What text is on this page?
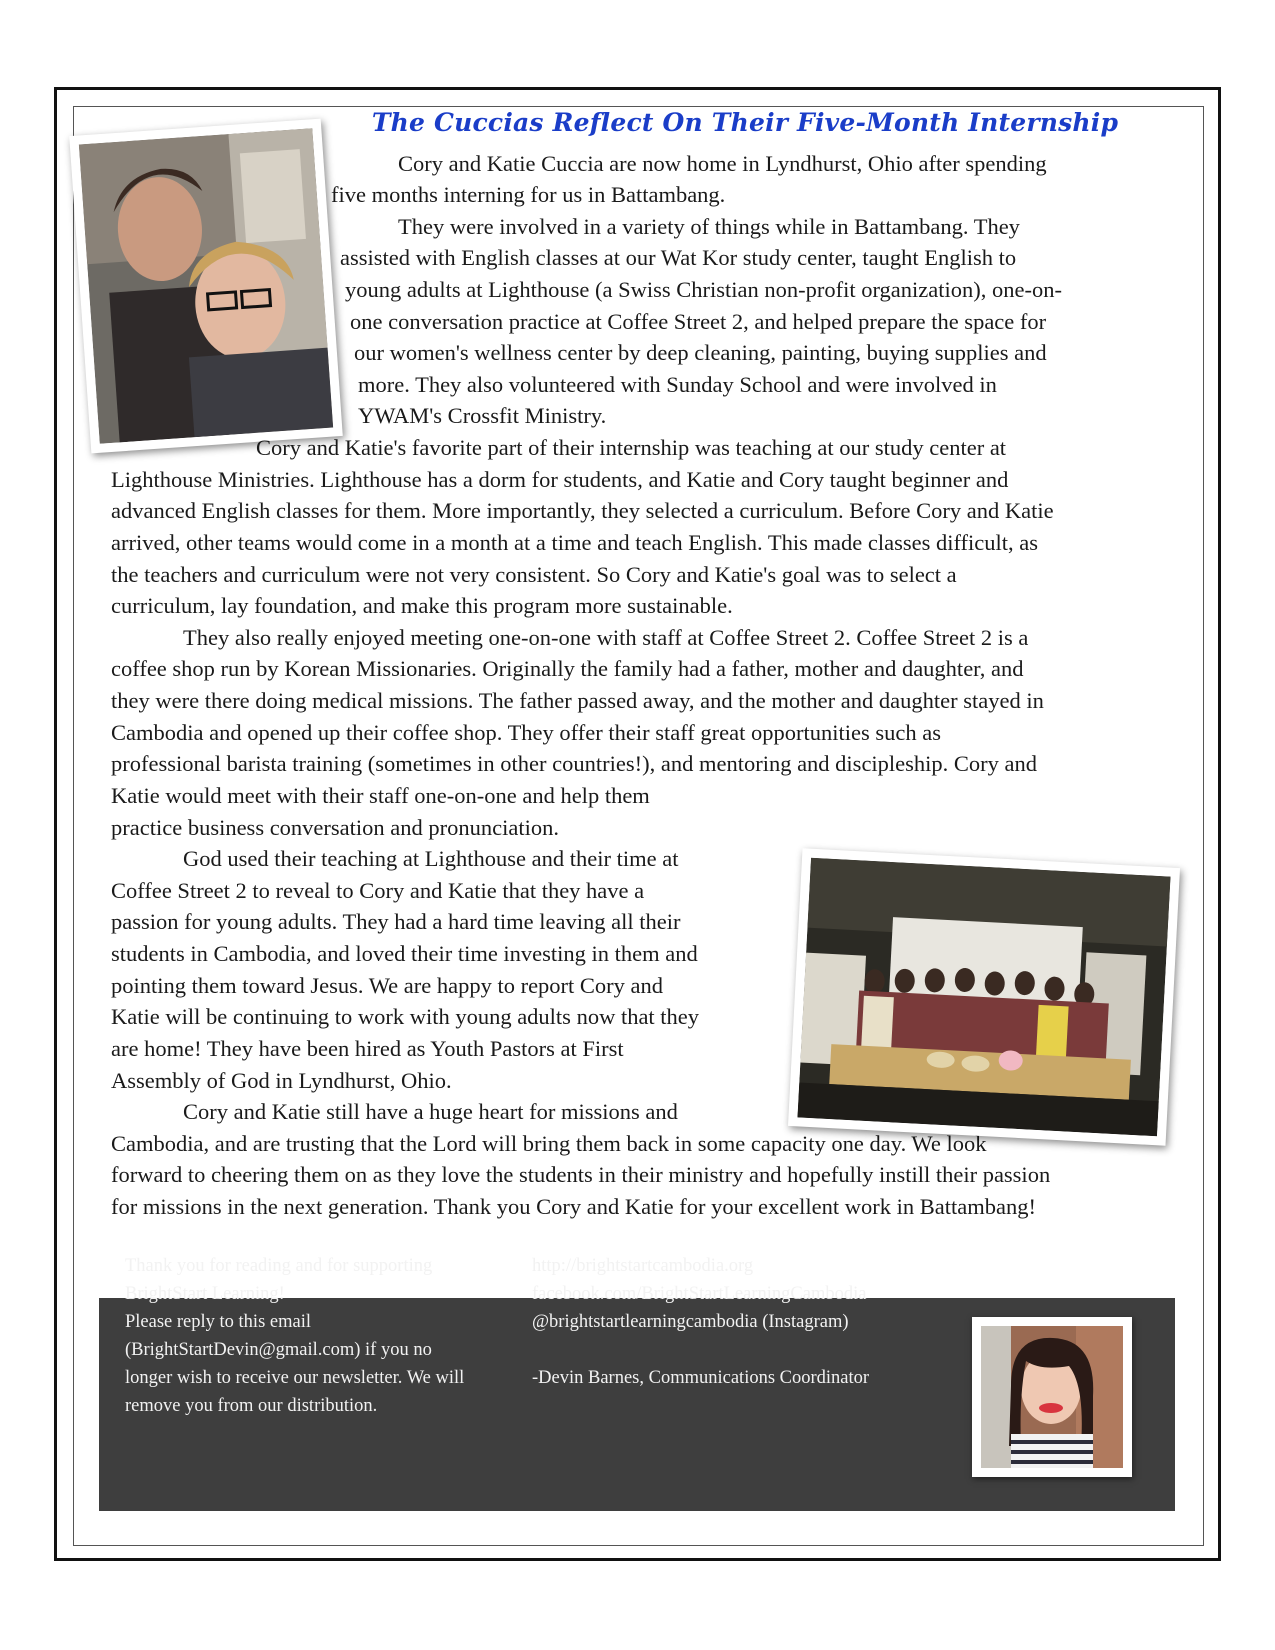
The Cuccias Reflect On Their Five-Month Internship
Cory and Katie Cuccia are now home in Lyndhurst, Ohio after spending
five months interning for us in Battambang.
They were involved in a variety of things while in Battambang. They
assisted with English classes at our Wat Kor study center, taught English to
young adults at Lighthouse (a Swiss Christian non-profit organization), one-on-
one conversation practice at Coffee Street 2, and helped prepare the space for
our women's wellness center by deep cleaning, painting, buying supplies and
more. They also volunteered with Sunday School and were involved in
YWAM's Crossfit Ministry.
Cory and Katie's favorite part of their internship was teaching at our study center at
Lighthouse Ministries. Lighthouse has a dorm for students, and Katie and Cory taught beginner and
advanced English classes for them. More importantly, they selected a curriculum. Before Cory and Katie
arrived, other teams would come in a month at a time and teach English. This made classes difficult, as
the teachers and curriculum were not very consistent. So Cory and Katie's goal was to select a
curriculum, lay foundation, and make this program more sustainable.
They also really enjoyed meeting one-on-one with staff at Coffee Street 2. Coffee Street 2 is a
coffee shop run by Korean Missionaries. Originally the family had a father, mother and daughter, and
they were there doing medical missions. The father passed away, and the mother and daughter stayed in
Cambodia and opened up their coffee shop. They offer their staff great opportunities such as
professional barista training (sometimes in other countries!), and mentoring and discipleship. Cory and
Katie would meet with their staff one-on-one and help them
practice business conversation and pronunciation.
God used their teaching at Lighthouse and their time at
Coffee Street 2 to reveal to Cory and Katie that they have a
passion for young adults. They had a hard time leaving all their
students in Cambodia, and loved their time investing in them and
pointing them toward Jesus. We are happy to report Cory and
Katie will be continuing to work with young adults now that they
are home! They have been hired as Youth Pastors at First
Assembly of God in Lyndhurst, Ohio.
Cory and Katie still have a huge heart for missions and
Cambodia, and are trusting that the Lord will bring them back in some capacity one day. We look
forward to cheering them on as they love the students in their ministry and hopefully instill their passion
for missions in the next generation. Thank you Cory and Katie for your excellent work in Battambang!
Thank you for reading and for supporting
BrightStart Learning!
Please reply to this email
(BrightStartDevin@gmail.com) if you no
longer wish to receive our newsletter. We will
remove you from our distribution.
http://brightstartcambodia.org
facebook.com/BrightStartLearningCambodia
@brightstartlearningcambodia (Instagram)
-Devin Barnes, Communications Coordinator
